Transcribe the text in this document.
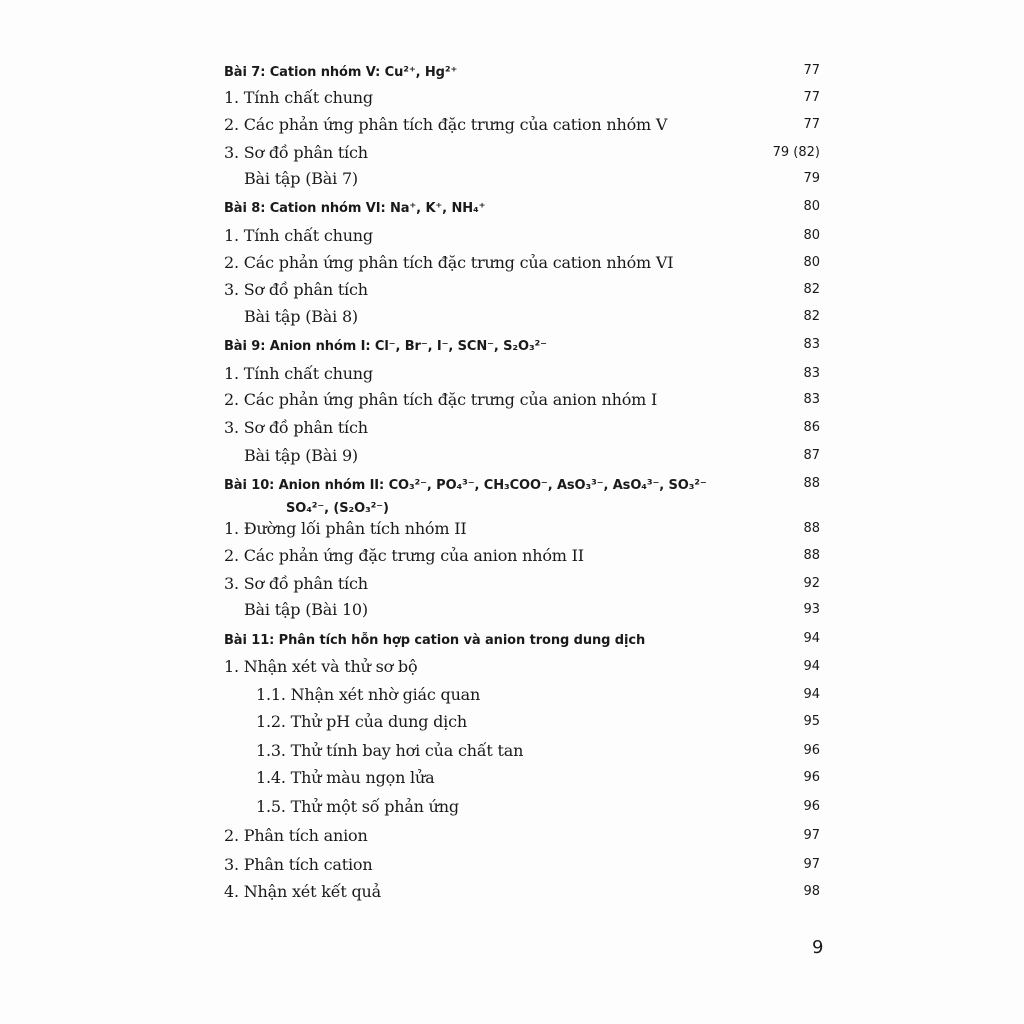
Bài 7: Cation nhóm V: Cu²⁺, Hg²⁺	77
1. Tính chất chung	77
2. Các phản ứng phân tích đặc trưng của cation nhóm V	77
3. Sơ đồ phân tích	79 (82)
Bài tập (Bài 7)	79
Bài 8: Cation nhóm VI: Na⁺, K⁺, NH₄⁺	80
1. Tính chất chung	80
2. Các phản ứng phân tích đặc trưng của cation nhóm VI	80
3. Sơ đồ phân tích	82
Bài tập (Bài 8)	82
Bài 9: Anion nhóm I: Cl⁻, Br⁻, I⁻, SCN⁻, S₂O₃²⁻	83
1. Tính chất chung	83
2. Các phản ứng phân tích đặc trưng của anion nhóm I	83
3. Sơ đồ phân tích	86
Bài tập (Bài 9)	87
Bài 10: Anion nhóm II: CO₃²⁻, PO₄³⁻, CH₃COO⁻, AsO₃³⁻, AsO₄³⁻, SO₃²⁻	88
SO₄²⁻, (S₂O₃²⁻)
1. Đường lối phân tích nhóm II	88
2. Các phản ứng đặc trưng của anion nhóm II	88
3. Sơ đồ phân tích	92
Bài tập (Bài 10)	93
Bài 11: Phân tích hỗn hợp cation và anion trong dung dịch	94
1. Nhận xét và thử sơ bộ	94
1.1. Nhận xét nhờ giác quan	94
1.2. Thử pH của dung dịch	95
1.3. Thử tính bay hơi của chất tan	96
1.4. Thử màu ngọn lửa	96
1.5. Thử một số phản ứng	96
2. Phân tích anion	97
3. Phân tích cation	97
4. Nhận xét kết quả	98
9
